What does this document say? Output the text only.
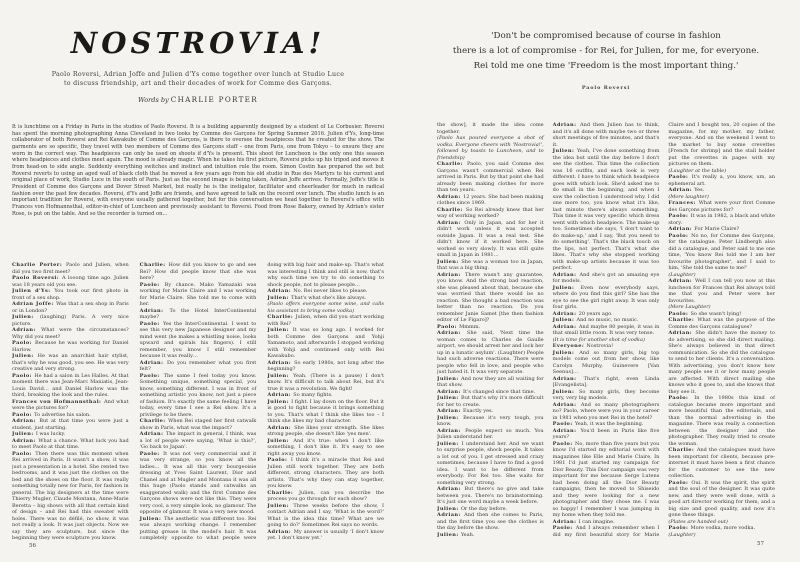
NOSTROVIA!

Paolo Roversi, Adrian Joffe and Julien d'Ys come together over lunch at Studio Luce
to discuss friendship, art and their decades of work for Comme des Garçons.

Words by CHARLIE PORTER

It is lunchtime on a Friday in Paris in the studios of Paolo Roversi. It is a building apparently designed by a student of Le Corbusier. Roversi has spent the morning photographing Anna Cleveland in two looks by Comme des Garçons for Spring Summer 2016. Julien d'Ys, long-time collaborator of both Roversi and Rei Kawakubo of Comme des Garçons, is there to oversee the headpieces that he created for the show. The garments are so specific, they travel with two members of Comme des Garçons staff – one from Paris, one from Tokyo – to ensure they are worn in the correct way. The headpieces can only be used on shoots if d'Ys is present. This shoot for Luncheon is the only one this season where headpieces and clothes meet again. The mood is already magic. When he takes his first picture, Roversi picks up his tripod and moves it from head-on to side angle. Suddenly everything switches and instinct and intuition rule the room. Simon Costin has prepared the set but Roversi reverts to using an aged wall of black cloth that he moved a few years ago from his old studio in Rue des Martyrs to his current and original place of work, Studio Luce in the south of Paris. Just as the second image is being taken, Adrian Joffe arrives. Formally, Joffe's title is President of Comme des Garçons and Dover Street Market, but really he is the instigator, facilitator and cheerleader for much in radical fashion over the past few decades. Roversi, d'Ys and Joffe are friends, and have agreed to talk on the record over lunch. The studio lunch is an important tradition for Roversi, with everyone usually gathered together, but for this conversation we head together to Roversi's office with Frances von Hofmannsthal, editor-in-chief of Luncheon and previously assistant to Roversi. Food from Rose Bakery, owned by Adrian's sister Rose, is put on the table. And so the recorder is turned on…

Charlie Porter: Paolo and Julien, when did you two first meet?

Paolo Roversi: A looong time ago. Julien was 18 years old you see.

Julien d'Ys: You took our first photo in front of a sex shop.

Adrian Joffe: Was that a sex shop in Paris or in London?

Julien: (laughing) Paris. A very nice picture.

Adrian: What were the circumstances? Why did you meet?

Paolo: Because he was working for Daniel Harlow.

Julien: He was an anarchist hair stylist, that's why he was good, you see. He was very creative and very strong.

Paolo: He had a salon in Les Halles. At that moment there was Jean-Marc Maniatis, Jean-Louis David… and Daniel Harlow was the third, breaking the look and the rules.

Frances von Hofmannsthal: And what were the pictures for?

Paolo: To advertise his salon.

Adrian: But at that time you were just a student, just starting.

Julien: I was lucky.

Adrian: What a chance. What luck you had to meet Paolo at that time.

Paolo: Then there was this moment when Rei arrived in Paris. It wasn't a show, it was just a presentation in a hotel. She rented two bedrooms, and it was just the clothes on the bed and the shoes on the floor. It was really something totally new for Paris, for fashion in general. The big designers at the time were Thierry Mugler, Claude Montana, Anne-Marie Beretta – big shows with all that certain kind of design – and Rei had this sweater with holes. There was no défilé, no show, it was not really a look. It was just objects. Now we say they are sculpture, but since the beginning they were sculpture you know.

Charlie: How did you know to go and see Rei? How did people know that she was here?

Paolo: By chance. Mako Yamazaki was working for Marie Claire and I was working for Marie Claire. She told me to come with her.

Adrian: To the Hotel InterContinental maybe?

Paolo: Yes the InterContinental. I went to see this very new Japanese designer and my mind went (he makes a whistling noise, looks upward and spirals his fingers). I still remember, you know I still remember because it was really…

Adrian: Do you remember what you first felt?

Paolo: The same I feel today you know. Something unique, something special, you know, something different. I was in front of something artistic you know, not just a piece of fashion. It's exactly the same feeling I have today, every time I see a Rei show. It's a privilege to be there.

Charlie: When Rei staged her first catwalk show in Paris, what was the impact?

Adrian: The impact in general, I think, was a lot of people were saying, 'What is this?', 'Go back to Japan'.

Paolo: It was not very commercial and it was very strange, so you know all the ladies… It was all this very bourgeoisie dressing at Yves Saint Laurent, Dior and Chanel and at Mugler and Montana it was all this huge (Paolo stands and catwalks an exaggerated walk) and the first Comme des Garçons shows were not like this. They were very cool, a very simple look, no glamour. The opposite of glamour. It was a very new mood.

Julien: The aesthetic was different too. Rei was always working change. I remember putting grease in the model's hair. It was completely opposite to what people were doing with big hair and make-up. That's what was interesting I think and still is now, that's why each time we try to do something to shock people, not to please people…

Adrian: No. Rei never likes to please.

Julien: That's what she's like always.

(Paolo offers everyone some wine, and calls his assistant to bring some vodka)

Charlie: Julien, when did you start working with Rei?

Julien: It was so long ago. I worked for both Comme des Garçons and Yohji Yamamoto, and afterwards I stopped working with Yohji and continued only with Rei Kawakubo.

Adrian: So early 1980s, not long after the beginning?

Julien: Yeah. (There is a pause) I don't know. It's difficult to talk about Rei, but it's true it was a revolution. We fight!

Adrian: So many fights.

Julien: I fight. I lay down on the floor. But it is good to fight because it brings something to you. That's what I think she likes too – I think she likes my bad character.

Adrian: She likes your strength. She likes strong people, she doesn't like 'yes men'.

Julien: And it's true: when I don't like something, I don't like it. It's easy to see right away you know.

Paolo: I think it's a miracle that Rei and Julien still work together. They are both different, strong characters. They are both artists. That's why they can stay together, you know.

Charlie: Julien, can you describe the process you go through for each show?

Julien: Three weeks before the show, I contact Adrian and I say, 'What is the word?' What is the idea this time? What are we going to do?' Sometimes Rei says no words.

Adrian: My answer is usually 'I don't know yet. I don't know yet.'

56

'Don't be compromised because of course in fashion
there is a lot of compromise - for Rei, for Julien, for me, for everyone.
Rei told me one time 'Freedom is the most important thing.'

Paolo Roversi

the show], it made the idea come together.

(Paolo has poured everyone a shot of vodka. Everyone cheers with 'Nostrovia!', followed by toasts to Luncheon, and to friendship)

Charlie: Paolo, you said Comme des Garçons wasn't commercial when Rei arrived in Paris. But by that point she had already been making clothes for more than ten years.

Adrian: 12 years. She had been making clothes since 1969.

Charlie: So Rei already knew that her way of working worked?

Adrian: Only in Japan, and for her it didn't work unless it was accepted outside Japan. It was a real test. She didn't know if it worked here. She worked so very slowly. It was still quite small in Japan in 1981…

Julien: She was a woman too in Japan, that was a big thing.

Adrian: There wasn't any guarantee, you know. And the strong bad reaction, she was pleased about that, because she was worried that there would be no reaction. She thought a bad reaction was better than no reaction. Do you remember Janie Samet [the then fashion editor of Le Figaro]?

Paolo: Mmmm.

Adrian: She said, 'Next time the woman comes to Charles de Gaulle airport, we should arrest her and lock her up in a lunatic asylum'. (Laughter) People had such adverse reactions. There were people who fell in love, and people who just hated it. It was very separate.

Julien: And now they are all waiting for that show.

Adrian: It's changed since that time.

Julien: But that's why it's more difficult for her to create.

Adrian: Exactly yes.

Julien: Because it's very tough, you know.

Adrian: People expect so much. You Julien understand her.

Julien: I understand her. And we want to surprise people, shock people. It takes a lot out of you. I get stressed and crazy sometimes, because I have to find a good idea. I want to be different from everybody. For Rei too. She waits for something very strong.

Adrian: But there's no give and take between you. There's no brainstorming. It's just one word maybe a week before.

Julien: Or the day before.

Adrian: And then she comes to Paris, and the first time you see the clothes is the day before the show.

Julien: Yeah.

Adrian: And then Julien has to think, and it's all done with maybe two or three short meetings of five minutes, and that's it.

Julien: Yeah, I've done something from the idea but until the day before I don't see the clothes. This time the collection was 16 outfits, and each look is very different. I have to think which headpiece goes with which look. She'd asked me to do small in the beginning, and when I saw the collection I understood why. I did one more too, you know what it's like, last minute there's always something. This time it was very specific which dress went with which headpiece. The make-up too. Sometimes she says, 'I don't want to do make-up,' and I say, 'But you need to do something'. That's the black touch on the lips, not perfect. That's what she likes. That's why she stopped working with make-up artists because it was too perfect.

Adrian: And she's got an amazing eye for models.

Julien: Even now everybody says, where do you find this girl? She has the eye to see the girl right away. It was only four girls.

Adrian: 20 years ago.

Julien: And no music, no music.

Adrian: And maybe 80 people, it was in that small little room. It was very tense.

(It is time for another shot of vodka)

Everyone: Nostrovia!

Julien: And so many girls, big top models come out from her show, like Carolyn Murphy, Guinevere [Van Seenus]…

Adrian: That's right, even Linda [Evangelista].

Julien: So many girls, they become very, very big models.

Adrian: And so many photographers no? Paolo, where were you in your career in 1981 when you met Rei in the hotel?

Paolo: Yeah, it was the beginning.

Adrian: You'd been in Paris like five years?

Paolo: No, more than five years but you know I'd started my editorial work with magazines like Elle and Marie Claire. In 1981 I'd just started my campaign for Dior Beauty. This Dior campaign was very important for me because Serge Lutens had been doing all the Dior Beauty campaigns, then he moved to Shiseido and they were looking for a new photographer and they chose me. I was so happy! I remember I was jumping in my home when they told me.

Adrian: I can imagine.

Paolo: And I always remember when I did my first beautiful story for Marie Claire and I bought ten, 20 copies of the magazine, for my mother, my father, everyone. And on the weekend I went to the market to buy some crevettes [French for shrimp] and the stall holder put the crevettes in pages with my pictures on them.

(Laughter at the table)

Paolo: It's really a, you know, um, an ephemeral art.

Adrian: Yes.

(More laughter)

Frances: What were your first Comme des Garçons pictures for?

Paolo: It was in 1982, a black and white story.

Adrian: For Marie Claire?

Paolo: No no, for Comme des Garçons, for the catalogue. Peter Lindbergh also did a catalogue, and Peter said to me one time, 'You know Rei told me I am her favourite photographer', and I said to him, 'She told the same to me!'

(Laughter)

Adrian: Well I can tell you now at this luncheon for Frances that Rei always told me that you and Peter were her favourites.

(More Laughter)

Paolo: So she wasn't lying!

Charlie: What was the purpose of the Comme des Garçons catalogues?

Adrian: She didn't have the money to do advertising, so she did direct mailing. She's always believed in that direct communication. So she did the catalogue to send to her clients. It's a conversation. With advertising, you don't know how many people see it or how many people are affected. With direct mailing she knows who it goes to, and she knows that they see it.

Paolo: In the 1980s this kind of catalogue became more important and more beautiful than the editorials, and than the normal advertising in the magazine. There was really a connection between the designer and the photographer. They really tried to create the woman.

Charlie: And the catalogues must have been important for clients, because pre-internet it must have been a first chance for the customer to see the new collection.

Paolo: Oui. It was the spirit, the spirit and the soul of the designer. It was quite new, and they were well done, with a good art director working for them, and a big size and good quality, and now it's gone these things.

(Plates are handed out)

Paolo: More vodka, more vodka.

(Laughter)

57
